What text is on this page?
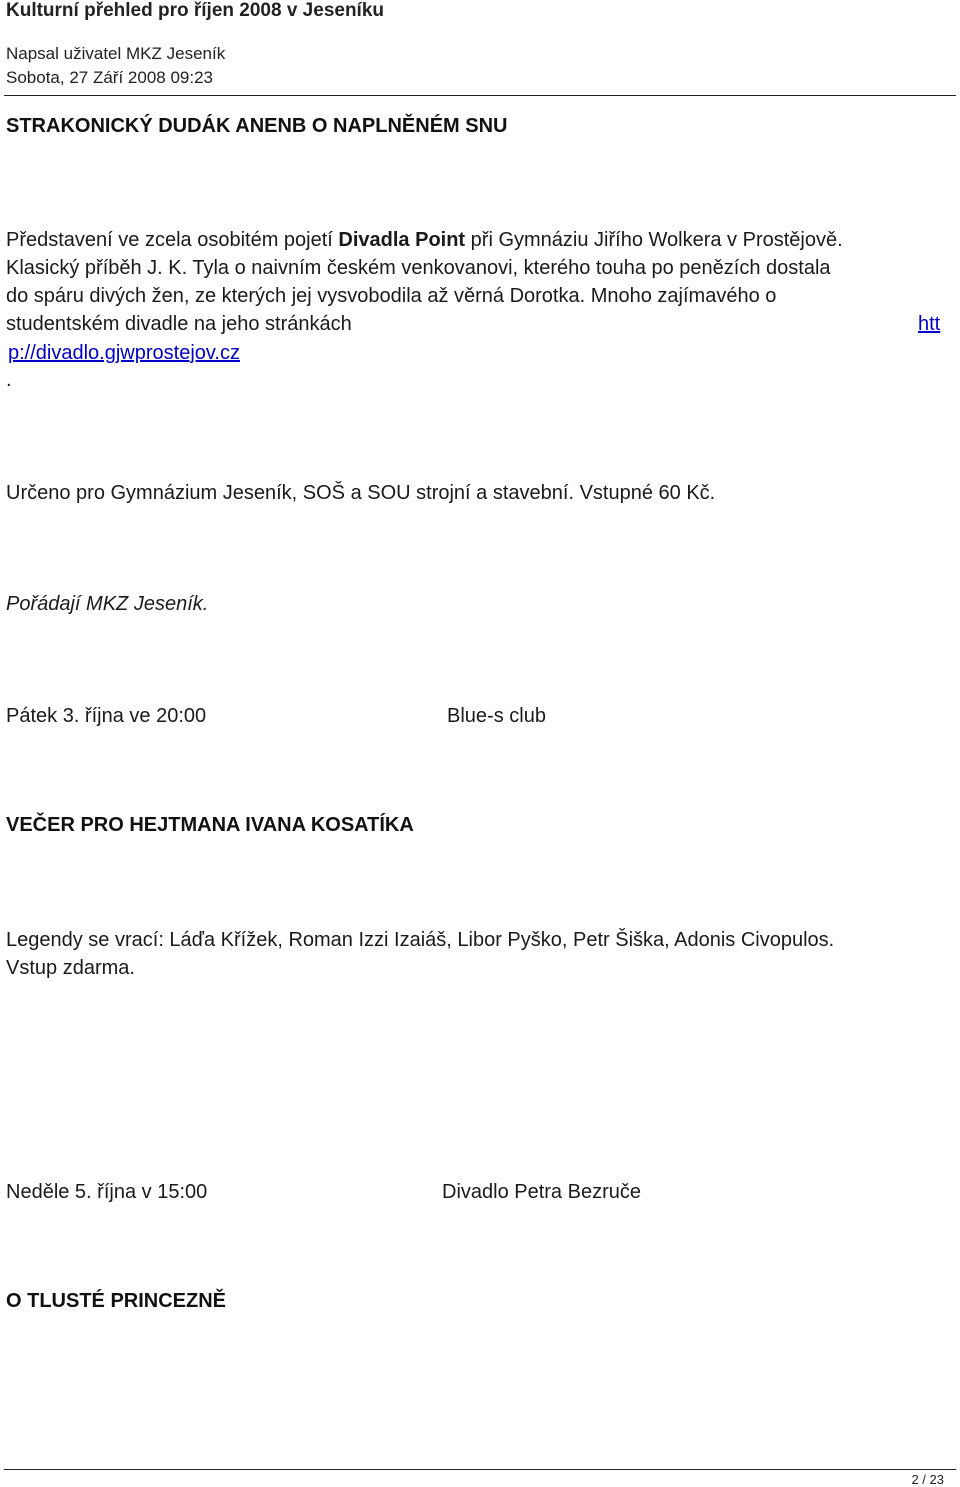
Kulturní přehled pro říjen 2008 v Jeseníku
Napsal uživatel MKZ Jeseník
Sobota, 27 Září 2008 09:23
STRAKONICKÝ DUDÁK ANENB O NAPLNĚNÉM SNU
Představení ve zcela osobitém pojetí Divadla Point při Gymnáziu Jiřího Wolkera v Prostějově.
Klasický příběh J. K. Tyla o naivním českém venkovanovi, kterého touha po penězích dostala
do spáru divých žen, ze kterých jej vysvobodila až věrná Dorotka. Mnoho zajímavého o
studentském divadle na jeho stránkách	htt
p://divadlo.gjwprostejov.cz
.
Určeno pro Gymnázium Jeseník, SOŠ a SOU strojní a stavební. Vstupné 60 Kč.
Pořádají MKZ Jeseník.
Pátek 3. října ve 20:00	Blue-s club
VEČER PRO HEJTMANA IVANA KOSATÍKA
Legendy se vrací: Láďa Křížek, Roman Izzi Izaiáš, Libor Pyško, Petr Šiška, Adonis Civopulos.
Vstup zdarma.
Neděle 5. října v 15:00	Divadlo Petra Bezruče
O TLUSTÉ PRINCEZNĚ
2 / 23
